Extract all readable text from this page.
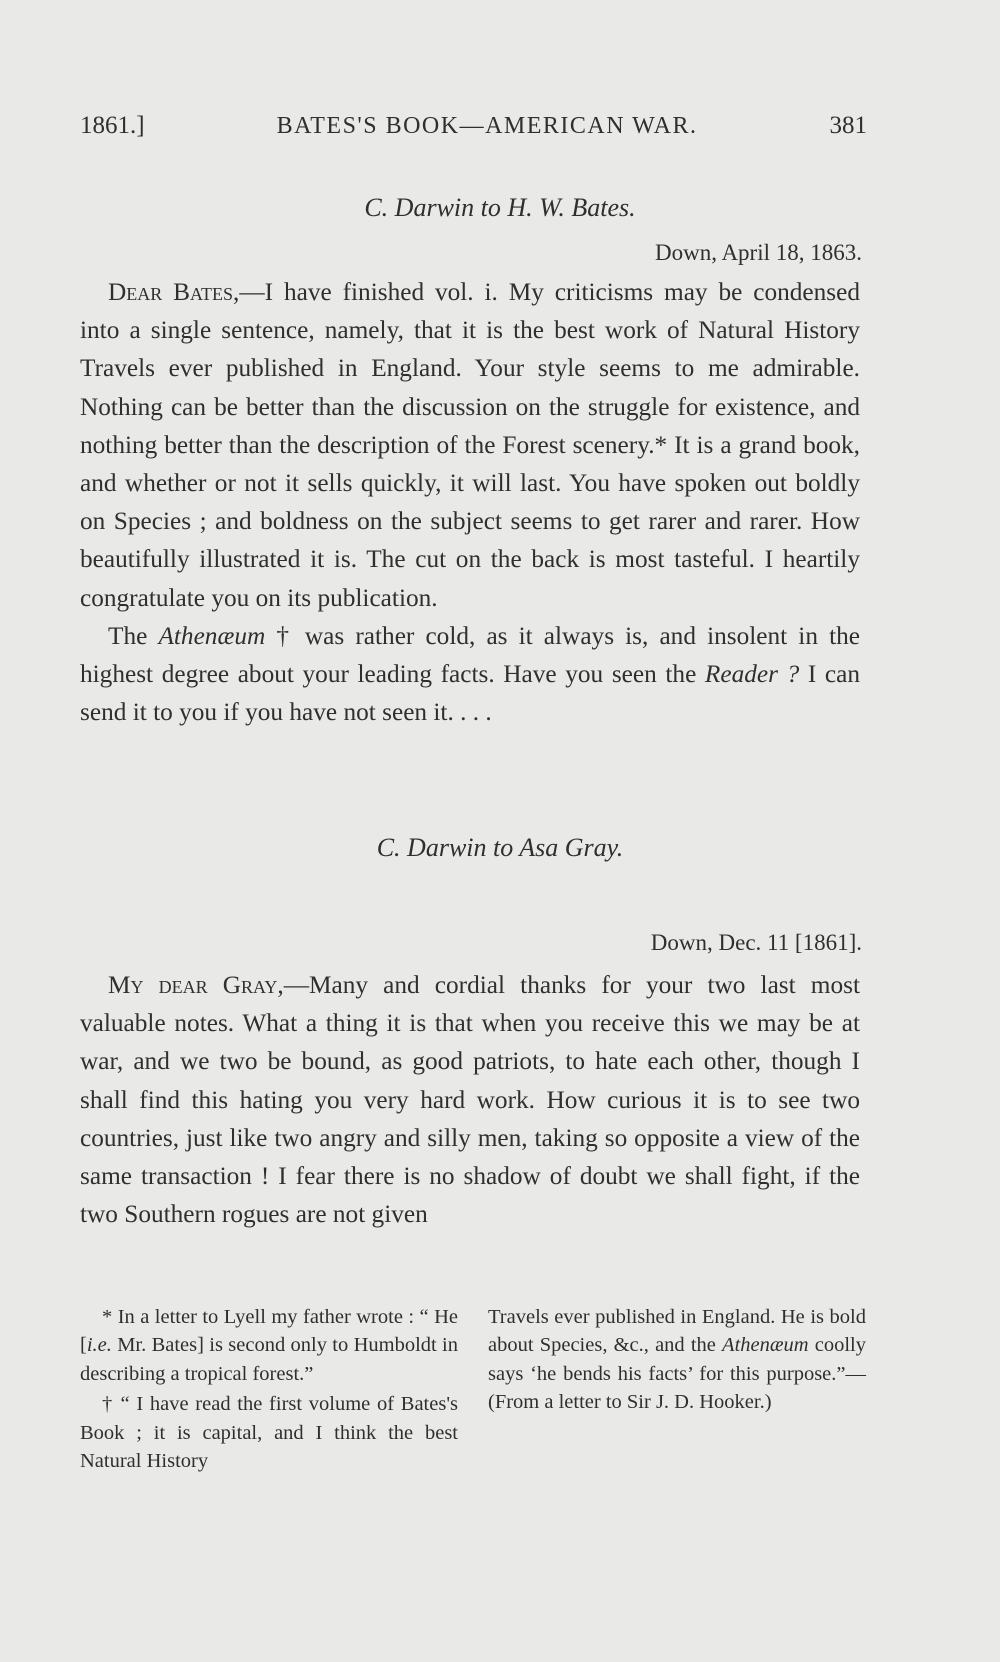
1861.]	BATES'S BOOK—AMERICAN WAR.	381
C. Darwin to H. W. Bates.
Down, April 18, 1863.

Dear Bates,—I have finished vol. i. My criticisms may be condensed into a single sentence, namely, that it is the best work of Natural History Travels ever published in England. Your style seems to me admirable. Nothing can be better than the discussion on the struggle for existence, and nothing better than the description of the Forest scenery.* It is a grand book, and whether or not it sells quickly, it will last. You have spoken out boldly on Species ; and boldness on the subject seems to get rarer and rarer. How beautifully illustrated it is. The cut on the back is most tasteful. I heartily congratulate you on its publication.

The Athenæum † was rather cold, as it always is, and insolent in the highest degree about your leading facts. Have you seen the Reader ? I can send it to you if you have not seen it. . . .

C. Darwin to Asa Gray.
Down, Dec. 11 [1861].

My dear Gray,—Many and cordial thanks for your two last most valuable notes. What a thing it is that when you receive this we may be at war, and we two be bound, as good patriots, to hate each other, though I shall find this hating you very hard work. How curious it is to see two countries, just like two angry and silly men, taking so opposite a view of the same transaction ! I fear there is no shadow of doubt we shall fight, if the two Southern rogues are not given

* In a letter to Lyell my father wrote : “ He [i.e. Mr. Bates] is second only to Humboldt in describing a tropical forest.”

† “ I have read the first volume of Bates's Book ; it is capital, and I think the best Natural History

Travels ever published in England. He is bold about Species, &c., and the Athenæum coolly says ‘he bends his facts’ for this purpose.”—(From a letter to Sir J. D. Hooker.)
